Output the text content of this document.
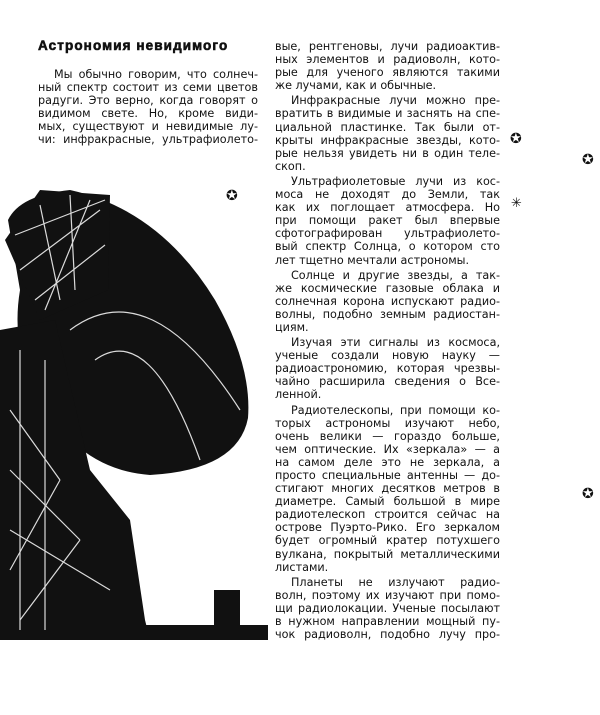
Астрономия невидимого
Мы обычно говорим, что солнеч-
ный спектр состоит из семи цветов
радуги. Это верно, когда говорят о
видимом свете. Но, кроме види-
мых, существуют и невидимые лу-
чи: инфракрасные, ультрафиолето-
вые, рентгеновы, лучи радиоактив-
ных элементов и радиоволн, кото-
рые для ученого являются такими
же лучами, как и обычные.
Инфракрасные лучи можно пре-
вратить в видимые и заснять на спе-
циальной пластинке. Так были от-
крыты инфракрасные звезды, кото-
рые нельзя увидеть ни в один теле-
скоп.
Ультрафиолетовые лучи из кос-
моса не доходят до Земли, так
как их поглощает атмосфера. Но
при помощи ракет был впервые
сфотографирован ультрафиолето-
вый спектр Солнца, о котором сто
лет тщетно мечтали астрономы.
Солнце и другие звезды, а так-
же космические газовые облака и
солнечная корона испускают радио-
волны, подобно земным радиостан-
циям.
Изучая эти сигналы из космоса,
ученые создали новую науку —
радиоастрономию, которая чрезвы-
чайно расширила сведения о Все-
ленной.
Радиотелескопы, при помощи ко-
торых астрономы изучают небо,
очень велики — гораздо больше,
чем оптические. Их «зеркала» — а
на самом деле это не зеркала, а
просто специальные антенны — до-
стигают многих десятков метров в
диаметре. Самый большой в мире
радиотелескоп строится сейчас на
острове Пуэрто-Рико. Его зеркалом
будет огромный кратер потухшего
вулкана, покрытый металлическими
листами.
Планеты не излучают радио-
волн, поэтому их изучают при помо-
щи радиолокации. Ученые посылают
в нужном направлении мощный пу-
чок радиоволн, подобно лучу про-
✪
✪
✪
✳
✪
